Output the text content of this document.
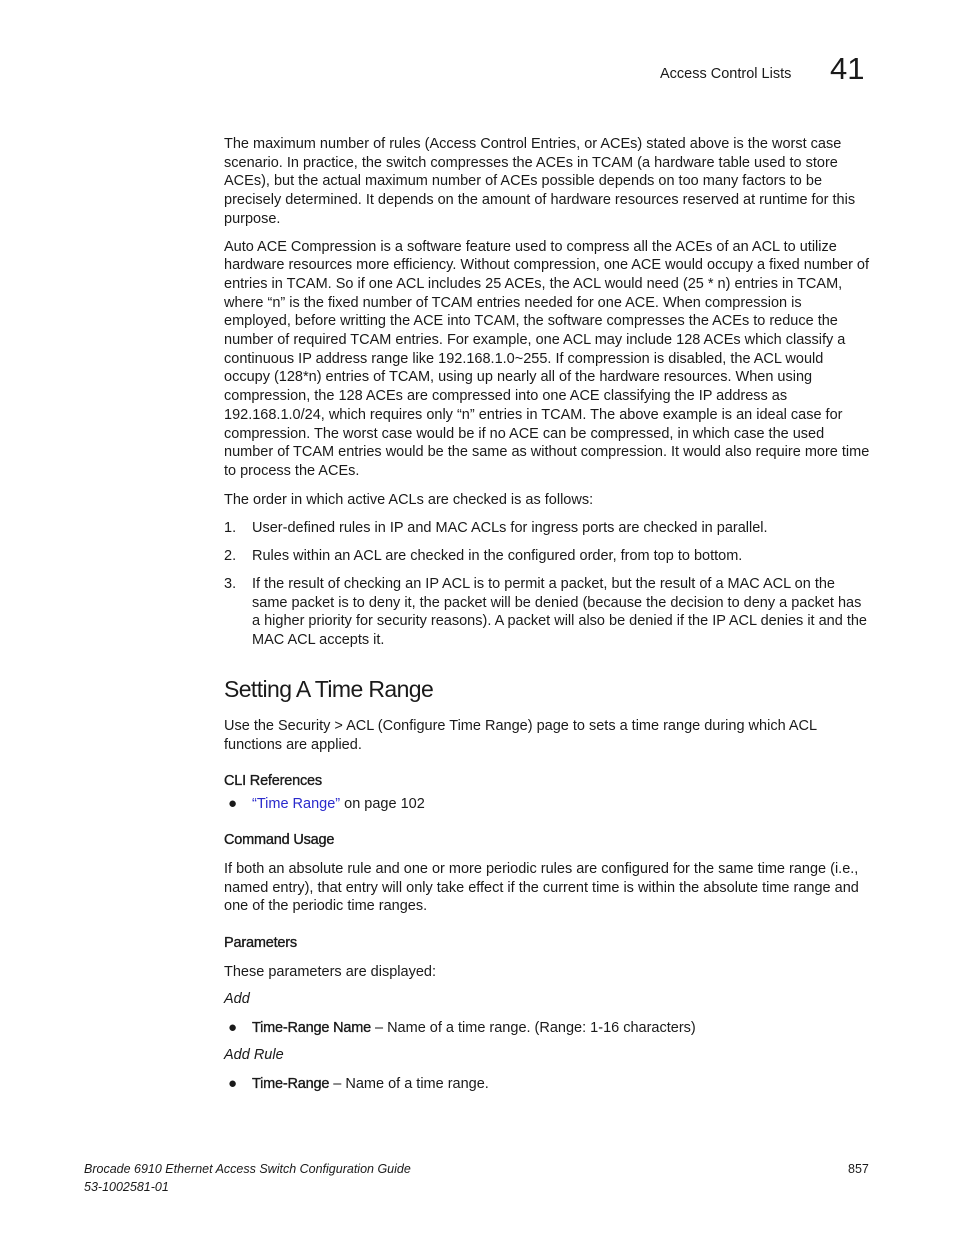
Access Control Lists 41

The maximum number of rules (Access Control Entries, or ACEs) stated above is the worst case scenario. In practice, the switch compresses the ACEs in TCAM (a hardware table used to store ACEs), but the actual maximum number of ACEs possible depends on too many factors to be precisely determined. It depends on the amount of hardware resources reserved at runtime for this purpose.

Auto ACE Compression is a software feature used to compress all the ACEs of an ACL to utilize hardware resources more efficiency. Without compression, one ACE would occupy a fixed number of entries in TCAM. So if one ACL includes 25 ACEs, the ACL would need (25 * n) entries in TCAM, where “n” is the fixed number of TCAM entries needed for one ACE. When compression is employed, before writting the ACE into TCAM, the software compresses the ACEs to reduce the number of required TCAM entries. For example, one ACL may include 128 ACEs which classify a continuous IP address range like 192.168.1.0~255. If compression is disabled, the ACL would occupy (128*n) entries of TCAM, using up nearly all of the hardware resources. When using compression, the 128 ACEs are compressed into one ACE classifying the IP address as 192.168.1.0/24, which requires only “n” entries in TCAM. The above example is an ideal case for compression. The worst case would be if no ACE can be compressed, in which case the used number of TCAM entries would be the same as without compression. It would also require more time to process the ACEs.

The order in which active ACLs are checked is as follows:

1. User-defined rules in IP and MAC ACLs for ingress ports are checked in parallel.
2. Rules within an ACL are checked in the configured order, from top to bottom.
3. If the result of checking an IP ACL is to permit a packet, but the result of a MAC ACL on the same packet is to deny it, the packet will be denied (because the decision to deny a packet has a higher priority for security reasons). A packet will also be denied if the IP ACL denies it and the MAC ACL accepts it.
Setting A Time Range

Use the Security > ACL (Configure Time Range) page to sets a time range during which ACL functions are applied.

CLI References
● “Time Range” on page 102
Command Usage

If both an absolute rule and one or more periodic rules are configured for the same time range (i.e., named entry), that entry will only take effect if the current time is within the absolute time range and one of the periodic time ranges.

Parameters

These parameters are displayed:

Add
● Time-Range Name – Name of a time range. (Range: 1-16 characters)
Add Rule
● Time-Range – Name of a time range.
Brocade 6910 Ethernet Access Switch Configuration Guide
53-1002581-01
857
